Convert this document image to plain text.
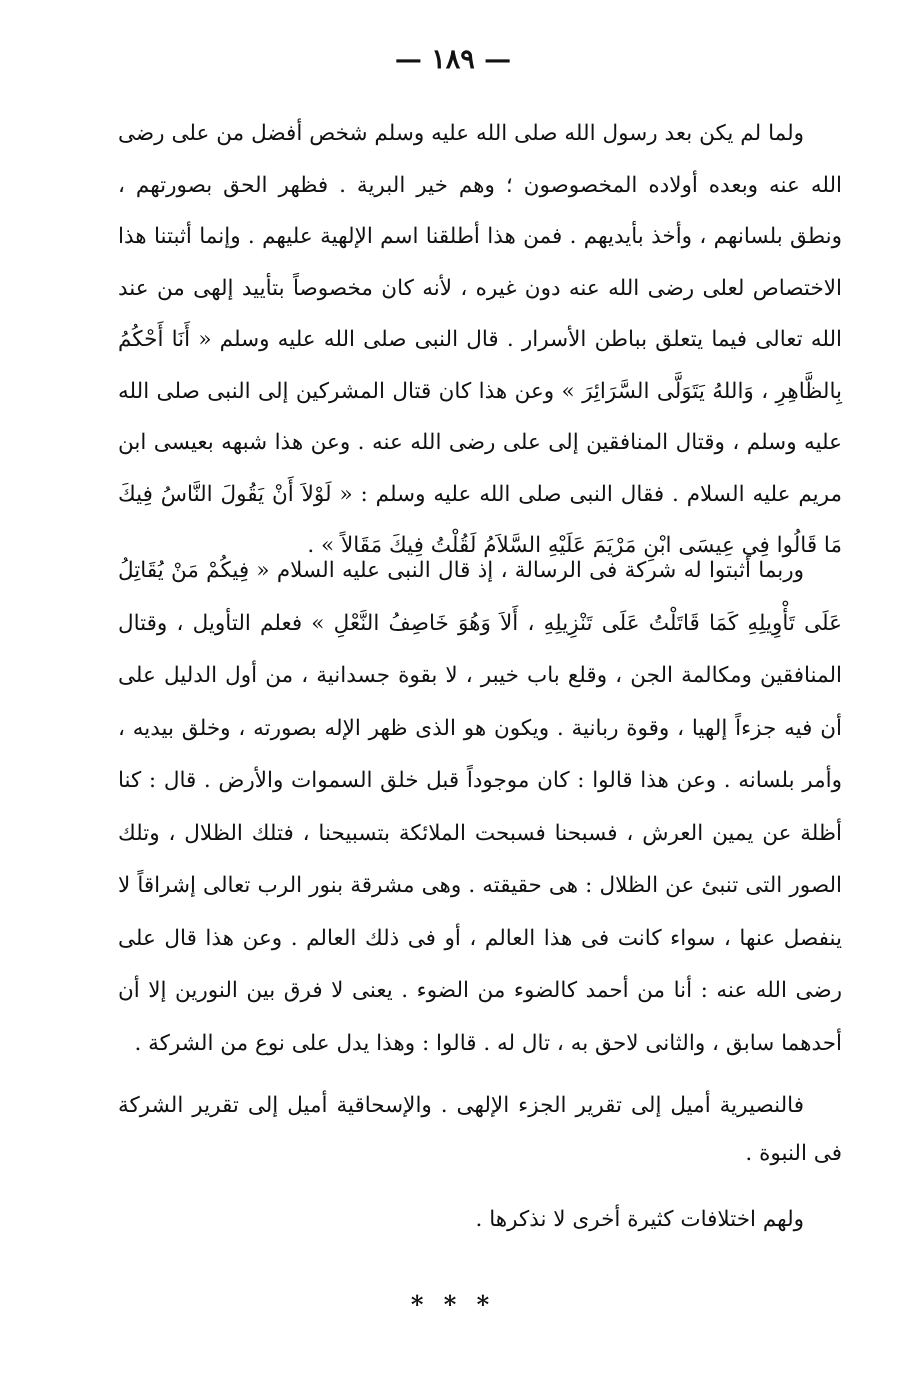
— ١٨٩ —

ولما لم يكن بعد رسول الله صلى الله عليه وسلم شخص أفضل من على رضى الله عنه وبعده أولاده المخصوصون ؛ وهم خير البرية . فظهر الحق بصورتهم ، ونطق بلسانهم ، وأخذ بأيديهم . فمن هذا أطلقنا اسم الإلهية عليهم . وإنما أثبتنا هذا الاختصاص لعلى رضى الله عنه دون غيره ، لأنه كان مخصوصاً بتأييد إلهى من عند الله تعالى فيما يتعلق بباطن الأسرار . قال النبى صلى الله عليه وسلم « أَنَا أَحْكُمُ بِالظَّاهِرِ ، وَاللهُ يَتَوَلَّى السَّرَائِرَ » وعن هذا كان قتال المشركين إلى النبى صلى الله عليه وسلم ، وقتال المنافقين إلى على رضى الله عنه . وعن هذا شبهه بعيسى ابن مريم عليه السلام . فقال النبى صلى الله عليه وسلم : « لَوْلاَ أَنْ يَقُولَ النَّاسُ فِيكَ مَا قَالُوا فِي عِيسَى ابْنِ مَرْيَمَ عَلَيْهِ السَّلاَمُ لَقُلْتُ فِيكَ مَقَالاً » .

وربما أثبتوا له شركة فى الرسالة ، إذ قال النبى عليه السلام « فِيكُمْ مَنْ يُقَاتِلُ عَلَى تَأْوِيلِهِ كَمَا قَاتَلْتُ عَلَى تَنْزِيلِهِ ، أَلاَ وَهُوَ خَاصِفُ النَّعْلِ » فعلم التأويل ، وقتال المنافقين ومكالمة الجن ، وقلع باب خيبر ، لا بقوة جسدانية ، من أول الدليل على أن فيه جزءاً إلهيا ، وقوة ربانية . ويكون هو الذى ظهر الإله بصورته ، وخلق بيديه ، وأمر بلسانه . وعن هذا قالوا : كان موجوداً قبل خلق السموات والأرض . قال : كنا أظلة عن يمين العرش ، فسبحنا فسبحت الملائكة بتسبيحنا ، فتلك الظلال ، وتلك الصور التى تنبئ عن الظلال : هى حقيقته . وهى مشرقة بنور الرب تعالى إشراقاً لا ينفصل عنها ، سواء كانت فى هذا العالم ، أو فى ذلك العالم . وعن هذا قال على رضى الله عنه : أنا من أحمد كالضوء من الضوء . يعنى لا فرق بين النورين إلا أن أحدهما سابق ، والثانى لاحق به ، تال له . قالوا : وهذا يدل على نوع من الشركة .

فالنصيرية أميل إلى تقرير الجزء الإلهى . والإسحاقية أميل إلى تقرير الشركة فى النبوة .

ولهم اختلافات كثيرة أخرى لا نذكرها .

* * *
